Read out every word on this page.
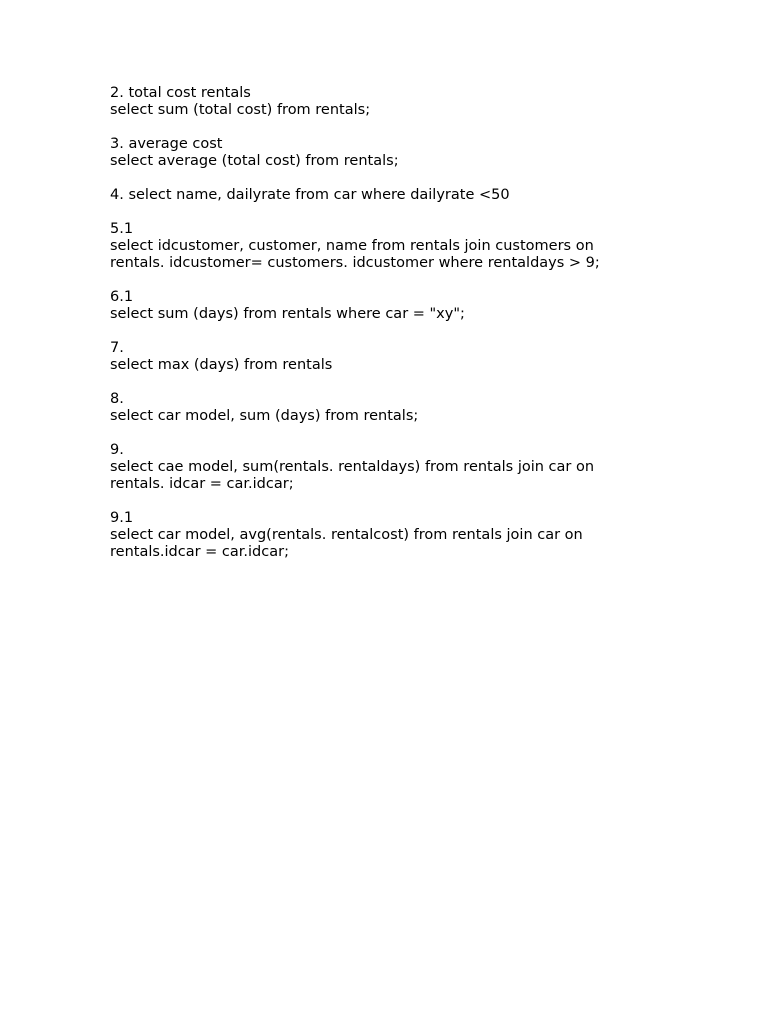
2. total cost rentals
select sum (total cost) from rentals;
3. average cost
select average (total cost) from rentals;
4. select name, dailyrate from car where dailyrate <50
5.1
select idcustomer, customer, name from rentals join customers on
rentals. idcustomer= customers. idcustomer where rentaldays > 9;
6.1
select sum (days) from rentals where car = "xy";
7.
select max (days) from rentals
8.
select car model, sum (days) from rentals;
9.
select cae model, sum(rentals. rentaldays) from rentals join car on
rentals. idcar = car.idcar;
9.1
select car model, avg(rentals. rentalcost) from rentals join car on
rentals.idcar = car.idcar;
